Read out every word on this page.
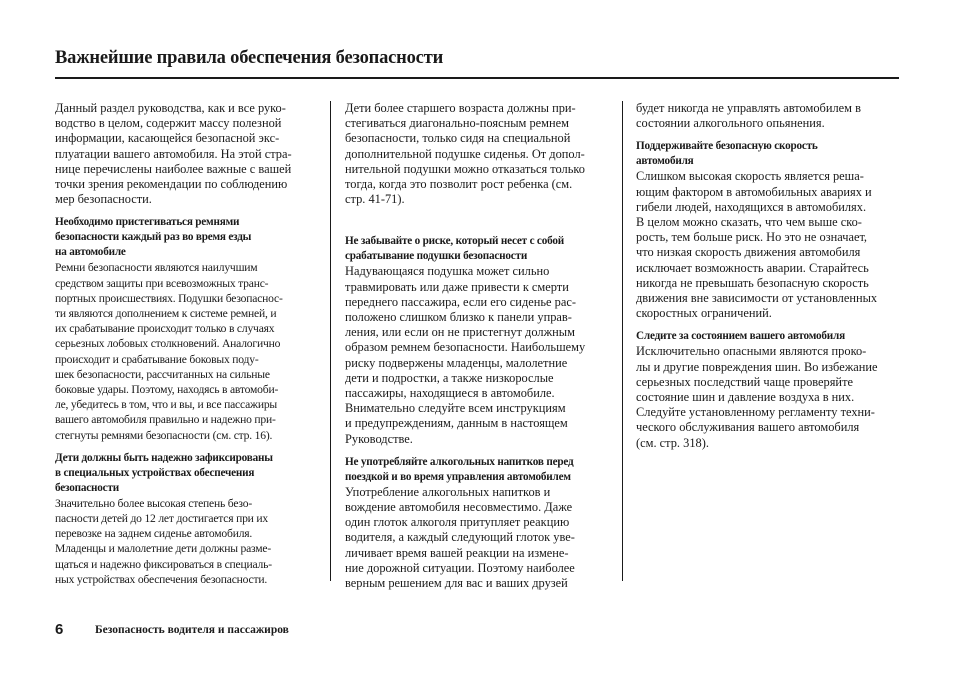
Важнейшие правила обеспечения безопасности
Данный раздел руководства, как и все руко-
водство в целом, содержит массу полезной
информации, касающейся безопасной экс-
плуатации вашего автомобиля. На этой стра-
нице перечислены наиболее важные с вашей
точки зрения рекомендации по соблюдению
мер безопасности.
Необходимо пристегиваться ремнями
безопасности каждый раз во время езды
на автомобиле
Ремни безопасности являются наилучшим
средством защиты при всевозможных транс-
портных происшествиях. Подушки безопаснос-
ти являются дополнением к системе ремней, и
их срабатывание происходит только в случаях
серьезных лобовых столкновений. Аналогично
происходит и срабатывание боковых поду-
шек безопасности, рассчитанных на сильные
боковые удары. Поэтому, находясь в автомоби-
ле, убедитесь в том, что и вы, и все пассажиры
вашего автомобиля правильно и надежно при-
стегнуты ремнями безопасности (см. стр. 16).
Дети должны быть надежно зафиксированы
в специальных устройствах обеспечения
безопасности
Значительно более высокая степень безо-
пасности детей до 12 лет достигается при их
перевозке на заднем сиденье автомобиля.
Младенцы и малолетние дети должны разме-
щаться и надежно фиксироваться в специаль-
ных устройствах обеспечения безопасности.
Дети более старшего возраста должны при-
стегиваться диагонально-поясным ремнем
безопасности, только сидя на специальной
дополнительной подушке сиденья. От допол-
нительной подушки можно отказаться только
тогда, когда это позволит рост ребенка (см.
стр. 41-71).
Не забывайте о риске, который несет с собой
срабатывание подушки безопасности
Надувающаяся подушка может сильно
травмировать или даже привести к смерти
переднего пассажира, если его сиденье рас-
положено слишком близко к панели управ-
ления, или если он не пристегнут должным
образом ремнем безопасности. Наибольшему
риску подвержены младенцы, малолетние
дети и подростки, а также низкорослые
пассажиры, находящиеся в автомобиле.
Внимательно следуйте всем инструкциям
и предупреждениям, данным в настоящем
Руководстве.
Не употребляйте алкогольных напитков перед
поездкой и во время управления автомобилем
Употребление алкогольных напитков и
вождение автомобиля несовместимо. Даже
один глоток алкоголя притупляет реакцию
водителя, а каждый следующий глоток уве-
личивает время вашей реакции на измене-
ние дорожной ситуации. Поэтому наиболее
верным решением для вас и ваших друзей
будет никогда не управлять автомобилем в
состоянии алкогольного опьянения.
Поддерживайте безопасную скорость
автомобиля
Слишком высокая скорость является реша-
ющим фактором в автомобильных авариях и
гибели людей, находящихся в автомобилях.
В целом можно сказать, что чем выше ско-
рость, тем больше риск. Но это не означает,
что низкая скорость движения автомобиля
исключает возможность аварии. Старайтесь
никогда не превышать безопасную скорость
движения вне зависимости от установленных
скоростных ограничений.
Следите за состоянием вашего автомобиля
Исключительно опасными являются проко-
лы и другие повреждения шин. Во избежание
серьезных последствий чаще проверяйте
состояние шин и давление воздуха в них.
Следуйте установленному регламенту техни-
ческого обслуживания вашего автомобиля
(см. стр. 318).
6	Безопасность водителя и пассажиров
